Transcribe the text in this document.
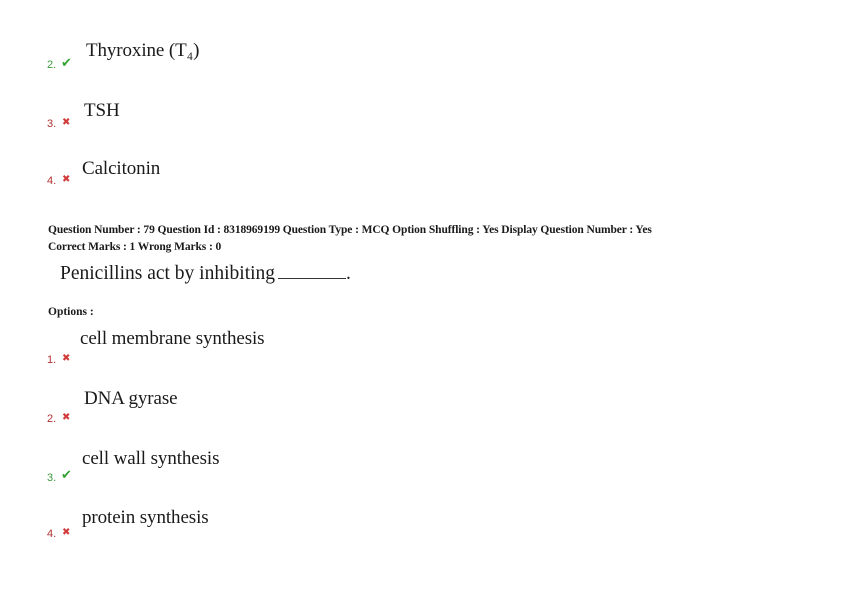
Thyroxine (T₄)
2. ✔
TSH
3. ✖
Calcitonin
4. ✖
Question Number : 79 Question Id : 8318969199 Question Type : MCQ Option Shuffling : Yes Display Question Number : Yes
Correct Marks : 1 Wrong Marks : 0
Penicillins act by inhibiting	.
Options :
cell membrane synthesis
1. ✖
DNA gyrase
2. ✖
cell wall synthesis
3. ✔
protein synthesis
4. ✖
